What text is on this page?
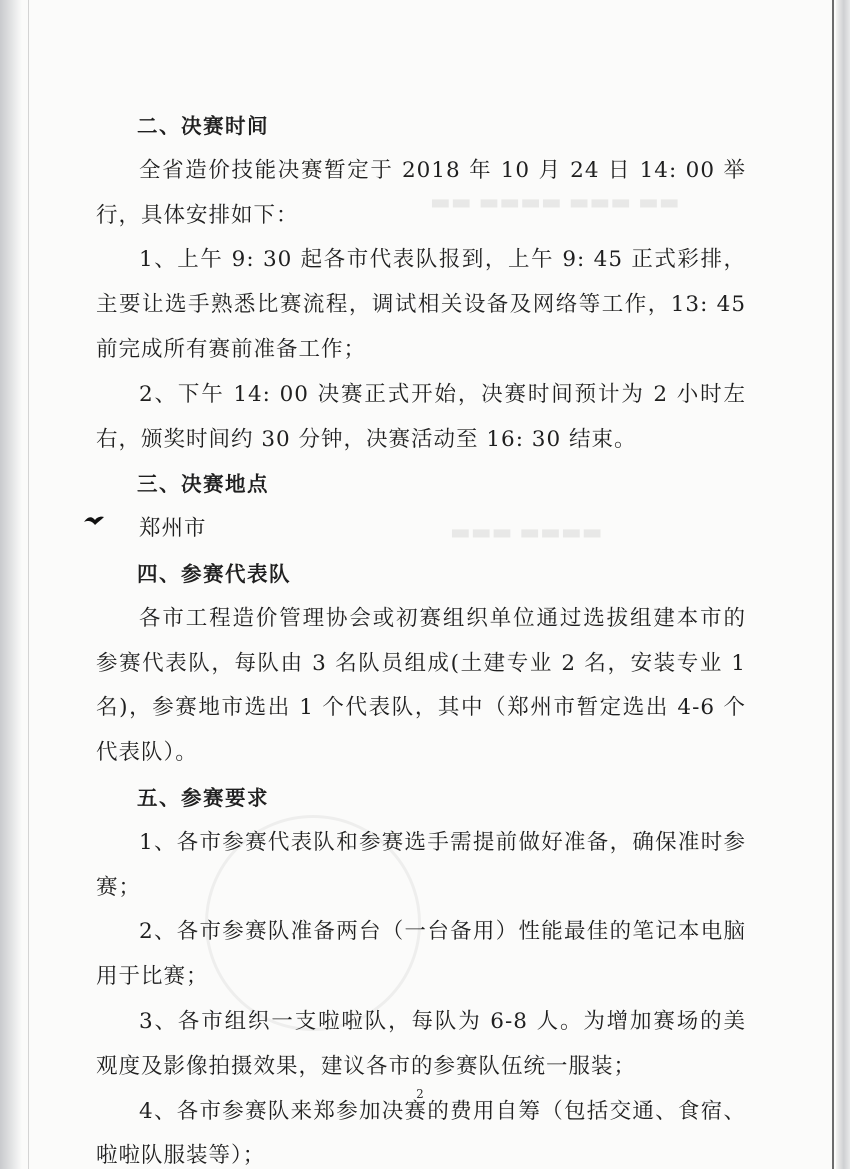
▬▬ ▬▬▬ ▬▬▬▬ ▬▬
▬▬▬▬ ▬▬▬

二、决赛时间

全省造价技能决赛暂定于 2018 年 10 月 24 日 14: 00 举行，具体安排如下：

1、上午 9: 30 起各市代表队报到，上午 9: 45 正式彩排，主要让选手熟悉比赛流程，调试相关设备及网络等工作，13: 45 前完成所有赛前准备工作；

2、下午 14: 00 决赛正式开始，决赛时间预计为 2 小时左右，颁奖时间约 30 分钟，决赛活动至 16: 30 结束。

三、决赛地点

郑州市

四、参赛代表队

各市工程造价管理协会或初赛组织单位通过选拔组建本市的参赛代表队，每队由 3 名队员组成(土建专业 2 名，安装专业 1 名)，参赛地市选出 1 个代表队，其中（郑州市暂定选出 4-6 个代表队）。

五、参赛要求

1、各市参赛代表队和参赛选手需提前做好准备，确保准时参赛；

2、各市参赛队准备两台（一台备用）性能最佳的笔记本电脑用于比赛；

3、各市组织一支啦啦队，每队为 6-8 人。为增加赛场的美观度及影像拍摄效果，建议各市的参赛队伍统一服装；

4、各市参赛队来郑参加决赛的费用自筹（包括交通、食宿、啦啦队服装等）；

2
